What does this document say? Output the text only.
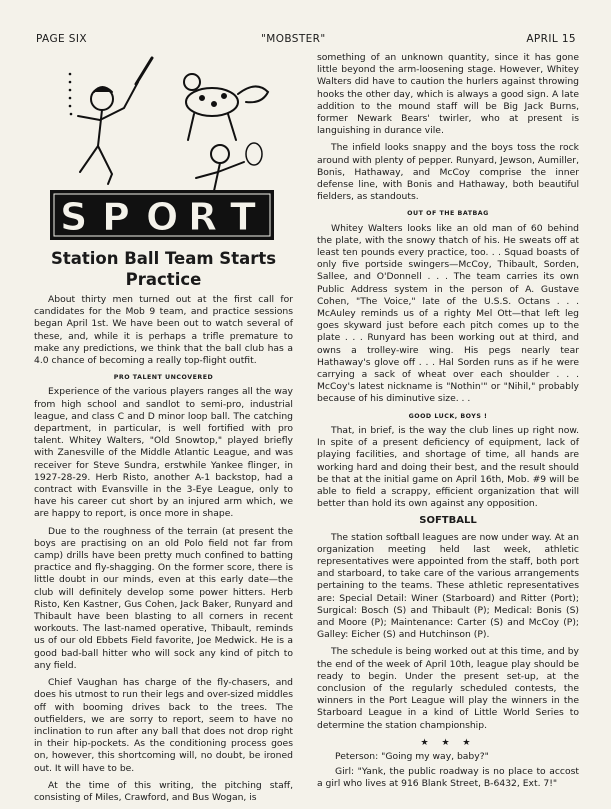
PAGE SIX	"MOBSTER"	APRIL 15
S P O R T
Station Ball Team Starts Practice

About thirty men turned out at the first call for candidates for the Mob 9 team, and practice sessions began April 1st. We have been out to watch several of these, and, while it is perhaps a trifle premature to make any predictions, we think that the ball club has a 4.0 chance of becoming a really top-flight outfit.

PRO TALENT UNCOVERED

Experience of the various players ranges all the way from high school and sandlot to semi-pro, industrial league, and class C and D minor loop ball. The catching department, in particular, is well fortified with pro talent. Whitey Walters, "Old Snowtop," played briefly with Zanesville of the Middle Atlantic League, and was receiver for Steve Sundra, erstwhile Yankee flinger, in 1927-28-29. Herb Risto, another A-1 backstop, had a contract with Evansville in the 3-Eye League, only to have his career cut short by an injured arm which, we are happy to report, is once more in shape.

Due to the roughness of the terrain (at present the boys are practising on an old Polo field not far from camp) drills have been pretty much confined to batting practice and fly-shagging. On the former score, there is little doubt in our minds, even at this early date—the club will definitely develop some power hitters. Herb Risto, Ken Kastner, Gus Cohen, Jack Baker, Runyard and Thibault have been blasting to all corners in recent workouts. The last-named operative, Thibault, reminds us of our old Ebbets Field favorite, Joe Medwick. He is a good bad-ball hitter who will sock any kind of pitch to any field.

Chief Vaughan has charge of the fly-chasers, and does his utmost to run their legs and over-sized middles off with booming drives back to the trees. The outfielders, we are sorry to report, seem to have no inclination to run after any ball that does not drop right in their hip-pockets. As the conditioning process goes on, however, this shortcoming will, no doubt, be ironed out. It will have to be.

At the time of this writing, the pitching staff, consisting of Miles, Crawford, and Bus Wogan, is

something of an unknown quantity, since it has gone little beyond the arm-loosening stage. However, Whitey Walters did have to caution the hurlers against throwing hooks the other day, which is always a good sign. A late addition to the mound staff will be Big Jack Burns, former Newark Bears' twirler, who at present is languishing in durance vile.

The infield looks snappy and the boys toss the rock around with plenty of pepper. Runyard, Jewson, Aumiller, Bonis, Hathaway, and McCoy comprise the inner defense line, with Bonis and Hathaway, both beautiful fielders, as standouts.

OUT OF THE BATBAG

Whitey Walters looks like an old man of 60 behind the plate, with the snowy thatch of his. He sweats off at least ten pounds every practice, too. . . Squad boasts of only five portside swingers—McCoy, Thibault, Sorden, Sallee, and O'Donnell . . . The team carries its own Public Address system in the person of A. Gustave Cohen, "The Voice," late of the U.S.S. Octans . . . McAuley reminds us of a righty Mel Ott—that left leg goes skyward just before each pitch comes up to the plate . . . Runyard has been working out at third, and owns a trolley-wire wing. His pegs nearly tear Hathaway's glove off . . . Hal Sorden runs as if he were carrying a sack of wheat over each shoulder . . . McCoy's latest nickname is "Nothin'" or "Nihil," probably because of his diminutive size. . .

GOOD LUCK, BOYS !

That, in brief, is the way the club lines up right now. In spite of a present deficiency of equipment, lack of playing facilities, and shortage of time, all hands are working hard and doing their best, and the result should be that at the initial game on April 16th, Mob. #9 will be able to field a scrappy, efficient organization that will better than hold its own against any opposition.

SOFTBALL

The station softball leagues are now under way. At an organization meeting held last week, athletic representatives were appointed from the staff, both port and starboard, to take care of the various arrangements pertaining to the teams. These athletic representatives are: Special Detail: Winer (Starboard) and Ritter (Port); Surgical: Bosch (S) and Thibault (P); Medical: Bonis (S) and Moore (P); Maintenance: Carter (S) and McCoy (P); Galley: Eicher (S) and Hutchinson (P).

The schedule is being worked out at this time, and by the end of the week of April 10th, league play should be ready to begin. Under the present set-up, at the conclusion of the regularly scheduled contests, the winners in the Port League will play the winners in the Starboard League in a kind of Little World Series to determine the station championship.

★ ★ ★

Peterson: "Going my way, baby?"

Girl: "Yank, the public roadway is no place to accost a girl who lives at 916 Blank Street, B-6432, Ext. 7!"
